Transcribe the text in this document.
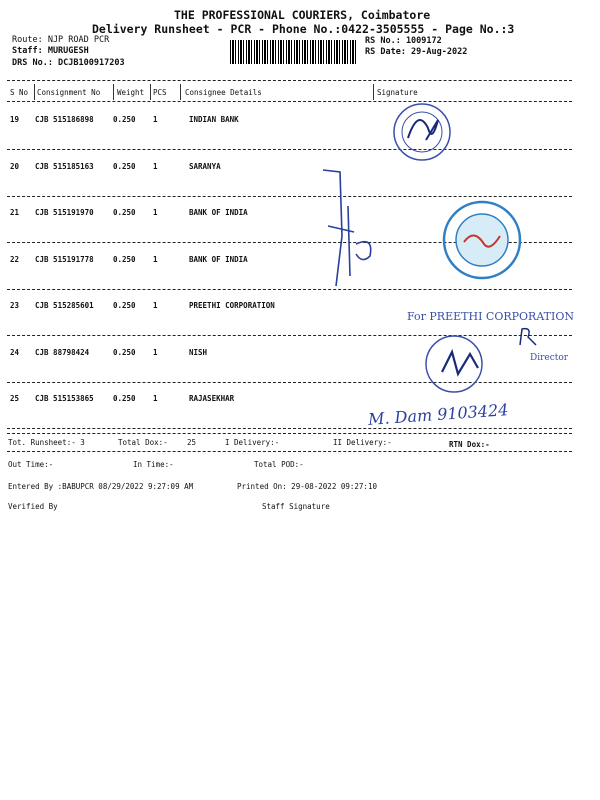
THE PROFESSIONAL COURIERS, Coimbatore
Delivery Runsheet - PCR - Phone No.:0422-3505555 - Page No.:3
Route: NJP ROAD PCR
Staff: MURUGESH
DRS No.: DCJB100917203
RS No.: 1009172
RS Date: 29-Aug-2022
S No Consignment No Weight PCS Consignee Details	Signature
19 CJB 515186898	0.250 1	INDIAN BANK
20 CJB 515185163	0.250 1	SARANYA
21 CJB 515191970	0.250 1	BANK OF INDIA
22 CJB 515191778	0.250 1	BANK OF INDIA
23 CJB 515285601	0.250 1	PREETHI CORPORATION
24 CJB 88798424	0.250 1	NISH
25 CJB 515153865	0.250 1	RAJASEKHAR
Tot. Runsheet:- 3	Total Dox:-	25	I Delivery:-	II Delivery:-	RTN Dox:-
Out Time:-	In Time:-	Total POD:-
Entered By :BABUPCR 08/29/2022 9:27:09 AM	Printed On: 29-08-2022 09:27:10
Verified By	Staff Signature
For PREETHI CORPORATION
Director
M. Dam 9103424
